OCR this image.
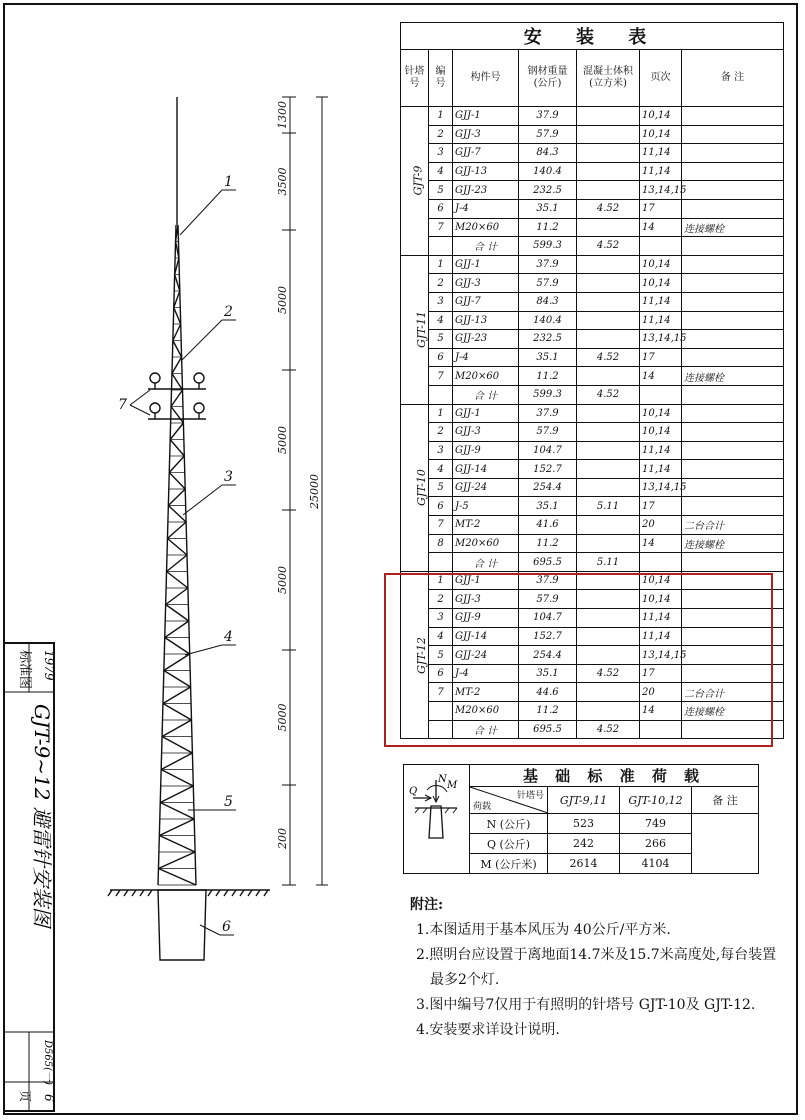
1300
3500
5000
5000
5000
5000
200
25000
1
2
3
4
5
6
7
安 装 表						
针塔号	编号	构件号	钢材重量(公斤)	混凝土体积(立方米)	页次	备 注
GJT-9	1	GJJ-1	37.9		10,14	
	2	GJJ-3	57.9		10,14	
	3	GJJ-7	84.3		11,14	
	4	GJJ-13	140.4		11,14	
	5	GJJ-23	232.5		13,14,15	
	6	J-4	35.1	4.52	17	
	7	M20×60	11.2		14	连接螺栓
		合 计	599.3	4.52		
GJT-11	1	GJJ-1	37.9		10,14	
	2	GJJ-3	57.9		10,14	
	3	GJJ-7	84.3		11,14	
	4	GJJ-13	140.4		11,14	
	5	GJJ-23	232.5		13,14,15	
	6	J-4	35.1	4.52	17	
	7	M20×60	11.2		14	连接螺栓
		合 计	599.3	4.52		
GJT-10	1	GJJ-1	37.9		10,14	
	2	GJJ-3	57.9		10,14	
	3	GJJ-9	104.7		11,14	
	4	GJJ-14	152.7		11,14	
	5	GJJ-24	254.4		13,14,15	
	6	J-5	35.1	5.11	17	
	7	MT-2	41.6		20	二台合计
	8	M20×60	11.2		14	连接螺栓
		合 计	695.5	5.11		
GJT-12	1	GJJ-1	37.9		10,14	
	2	GJJ-3	57.9		10,14	
	3	GJJ-9	104.7		11,14	
	4	GJJ-14	152.7		11,14	
	5	GJJ-24	254.4		13,14,15	
	6	J-4	35.1	4.52	17	
	7	MT-2	44.6		20	二台合计
		M20×60	11.2		14	连接螺栓
		合 计	695.5	4.52		
Q
N
M	基 础 标 准 荷 载			

	针塔号
荷载	GJT-9,11	GJT-10,12	备 注
	N (公斤)	523	749	
	Q (公斤)	242	266	
	M (公斤米)	2614	4104	
附注:
1.本图适用于基本风压为 40公斤/平方米.
2.照明台应设置于离地面14.7米及15.7米高度处,每台装置最多2个灯.
3.图中编号7仅用于有照明的针塔号 GJT-10及 GJT-12.
4.安装要求详设计说明.
标准图 1979
GJT-9~12 避雷针安装图
D565(一)
页 6
